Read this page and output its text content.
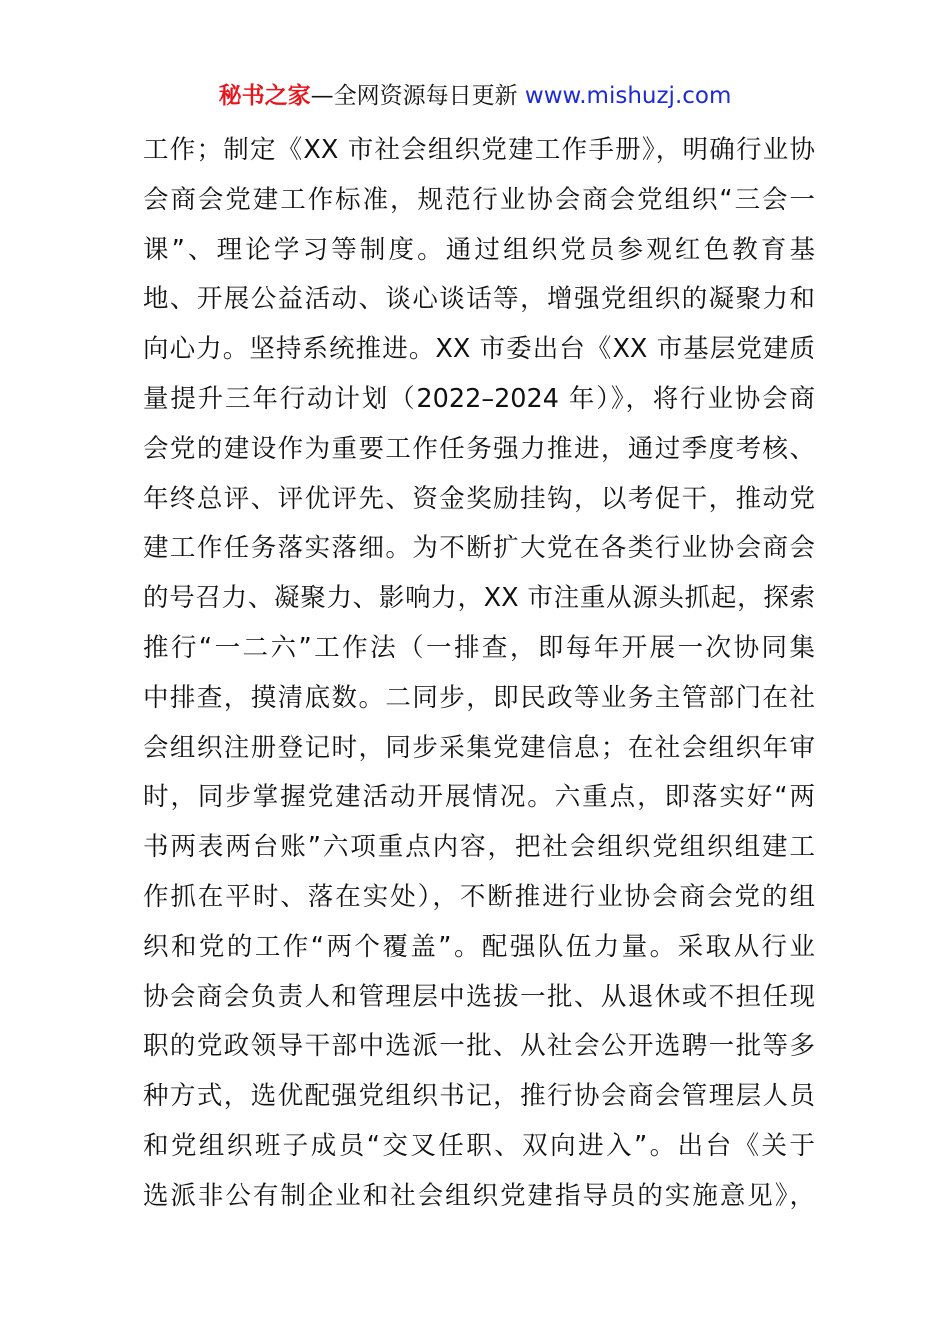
秘书之家—全网资源每日更新 www.mishuzj.com
工作；制定《XX 市社会组织党建工作手册》，明确行业协
会商会党建工作标准，规范行业协会商会党组织“三会一
课”、理论学习等制度。通过组织党员参观红色教育基
地、开展公益活动、谈心谈话等，增强党组织的凝聚力和
向心力。坚持系统推进。XX 市委出台《XX 市基层党建质
量提升三年行动计划（2022–2024 年）》，将行业协会商
会党的建设作为重要工作任务强力推进，通过季度考核、
年终总评、评优评先、资金奖励挂钩，以考促干，推动党
建工作任务落实落细。为不断扩大党在各类行业协会商会
的号召力、凝聚力、影响力，XX 市注重从源头抓起，探索
推行“一二六”工作法（一排查，即每年开展一次协同集
中排查，摸清底数。二同步，即民政等业务主管部门在社
会组织注册登记时，同步采集党建信息；在社会组织年审
时，同步掌握党建活动开展情况。六重点，即落实好“两
书两表两台账”六项重点内容，把社会组织党组织组建工
作抓在平时、落在实处），不断推进行业协会商会党的组
织和党的工作“两个覆盖”。配强队伍力量。采取从行业
协会商会负责人和管理层中选拔一批、从退休或不担任现
职的党政领导干部中选派一批、从社会公开选聘一批等多
种方式，选优配强党组织书记，推行协会商会管理层人员
和党组织班子成员“交叉任职、双向进入”。出台《关于
选派非公有制企业和社会组织党建指导员的实施意见》，
